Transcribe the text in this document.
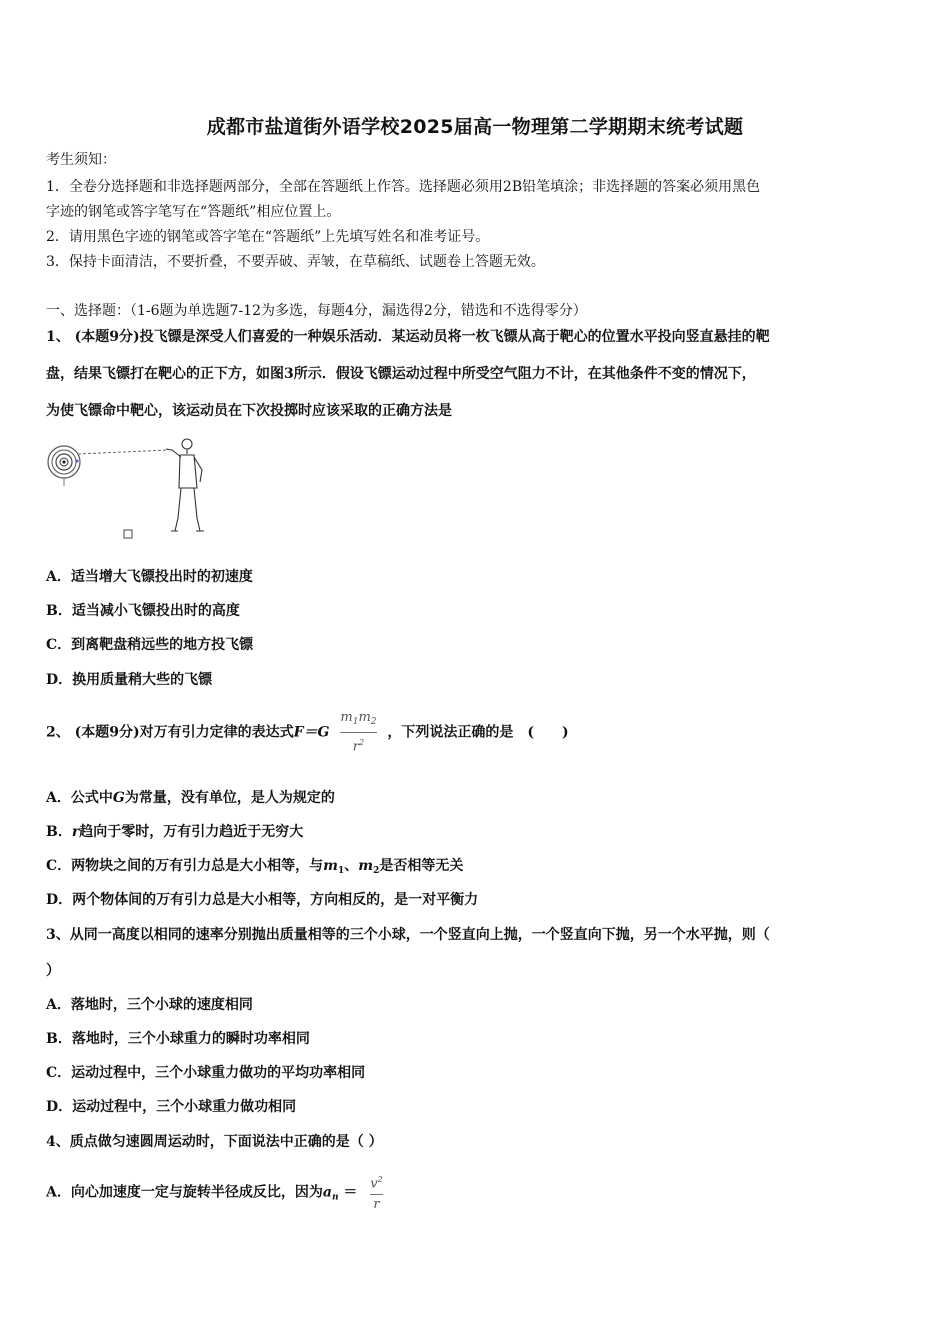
成都市盐道街外语学校2025届高一物理第二学期期末统考试题
考生须知：
1．全卷分选择题和非选择题两部分，全部在答题纸上作答。选择题必须用2B铅笔填涂；非选择题的答案必须用黑色
字迹的钢笔或答字笔写在“答题纸”相应位置上。
2．请用黑色字迹的钢笔或答字笔在“答题纸”上先填写姓名和准考证号。
3．保持卡面清洁，不要折叠，不要弄破、弄皱，在草稿纸、试题卷上答题无效。
一、选择题：（1-6题为单选题7-12为多选，每题4分，漏选得2分，错选和不选得零分）
1、 (本题9分)投飞镖是深受人们喜爱的一种娱乐活动．某运动员将一枚飞镖从高于靶心的位置水平投向竖直悬挂的靶
盘，结果飞镖打在靶心的正下方，如图3所示．假设飞镖运动过程中所受空气阻力不计，在其他条件不变的情况下，
为使飞镖命中靶心，该运动员在下次投掷时应该采取的正确方法是
A．适当增大飞镖投出时的初速度
B．适当减小飞镖投出时的高度
C．到离靶盘稍远些的地方投飞镖
D．换用质量稍大些的飞镖
2、 (本题9分)对万有引力定律的表达式$F=G \frac{m_1m_2}{r^2}$ ，下列说法正确的是　(　　)
A．公式中G为常量，没有单位，是人为规定的
B．r趋向于零时，万有引力趋近于无穷大
C．两物块之间的万有引力总是大小相等，与$m_1$、$m_2$是否相等无关
D．两个物体间的万有引力总是大小相等，方向相反的，是一对平衡力
3、从同一高度以相同的速率分别抛出质量相等的三个小球，一个竖直向上抛，一个竖直向下抛，另一个水平抛，则（
）
A．落地时，三个小球的速度相同
B．落地时，三个小球重力的瞬时功率相同
C．运动过程中，三个小球重力做功的平均功率相同
D．运动过程中，三个小球重力做功相同
4、质点做匀速圆周运动时，下面说法中正确的是（ ）
A．向心加速度一定与旋转半径成反比，因为$a_n = \frac{v^2}{r}$
